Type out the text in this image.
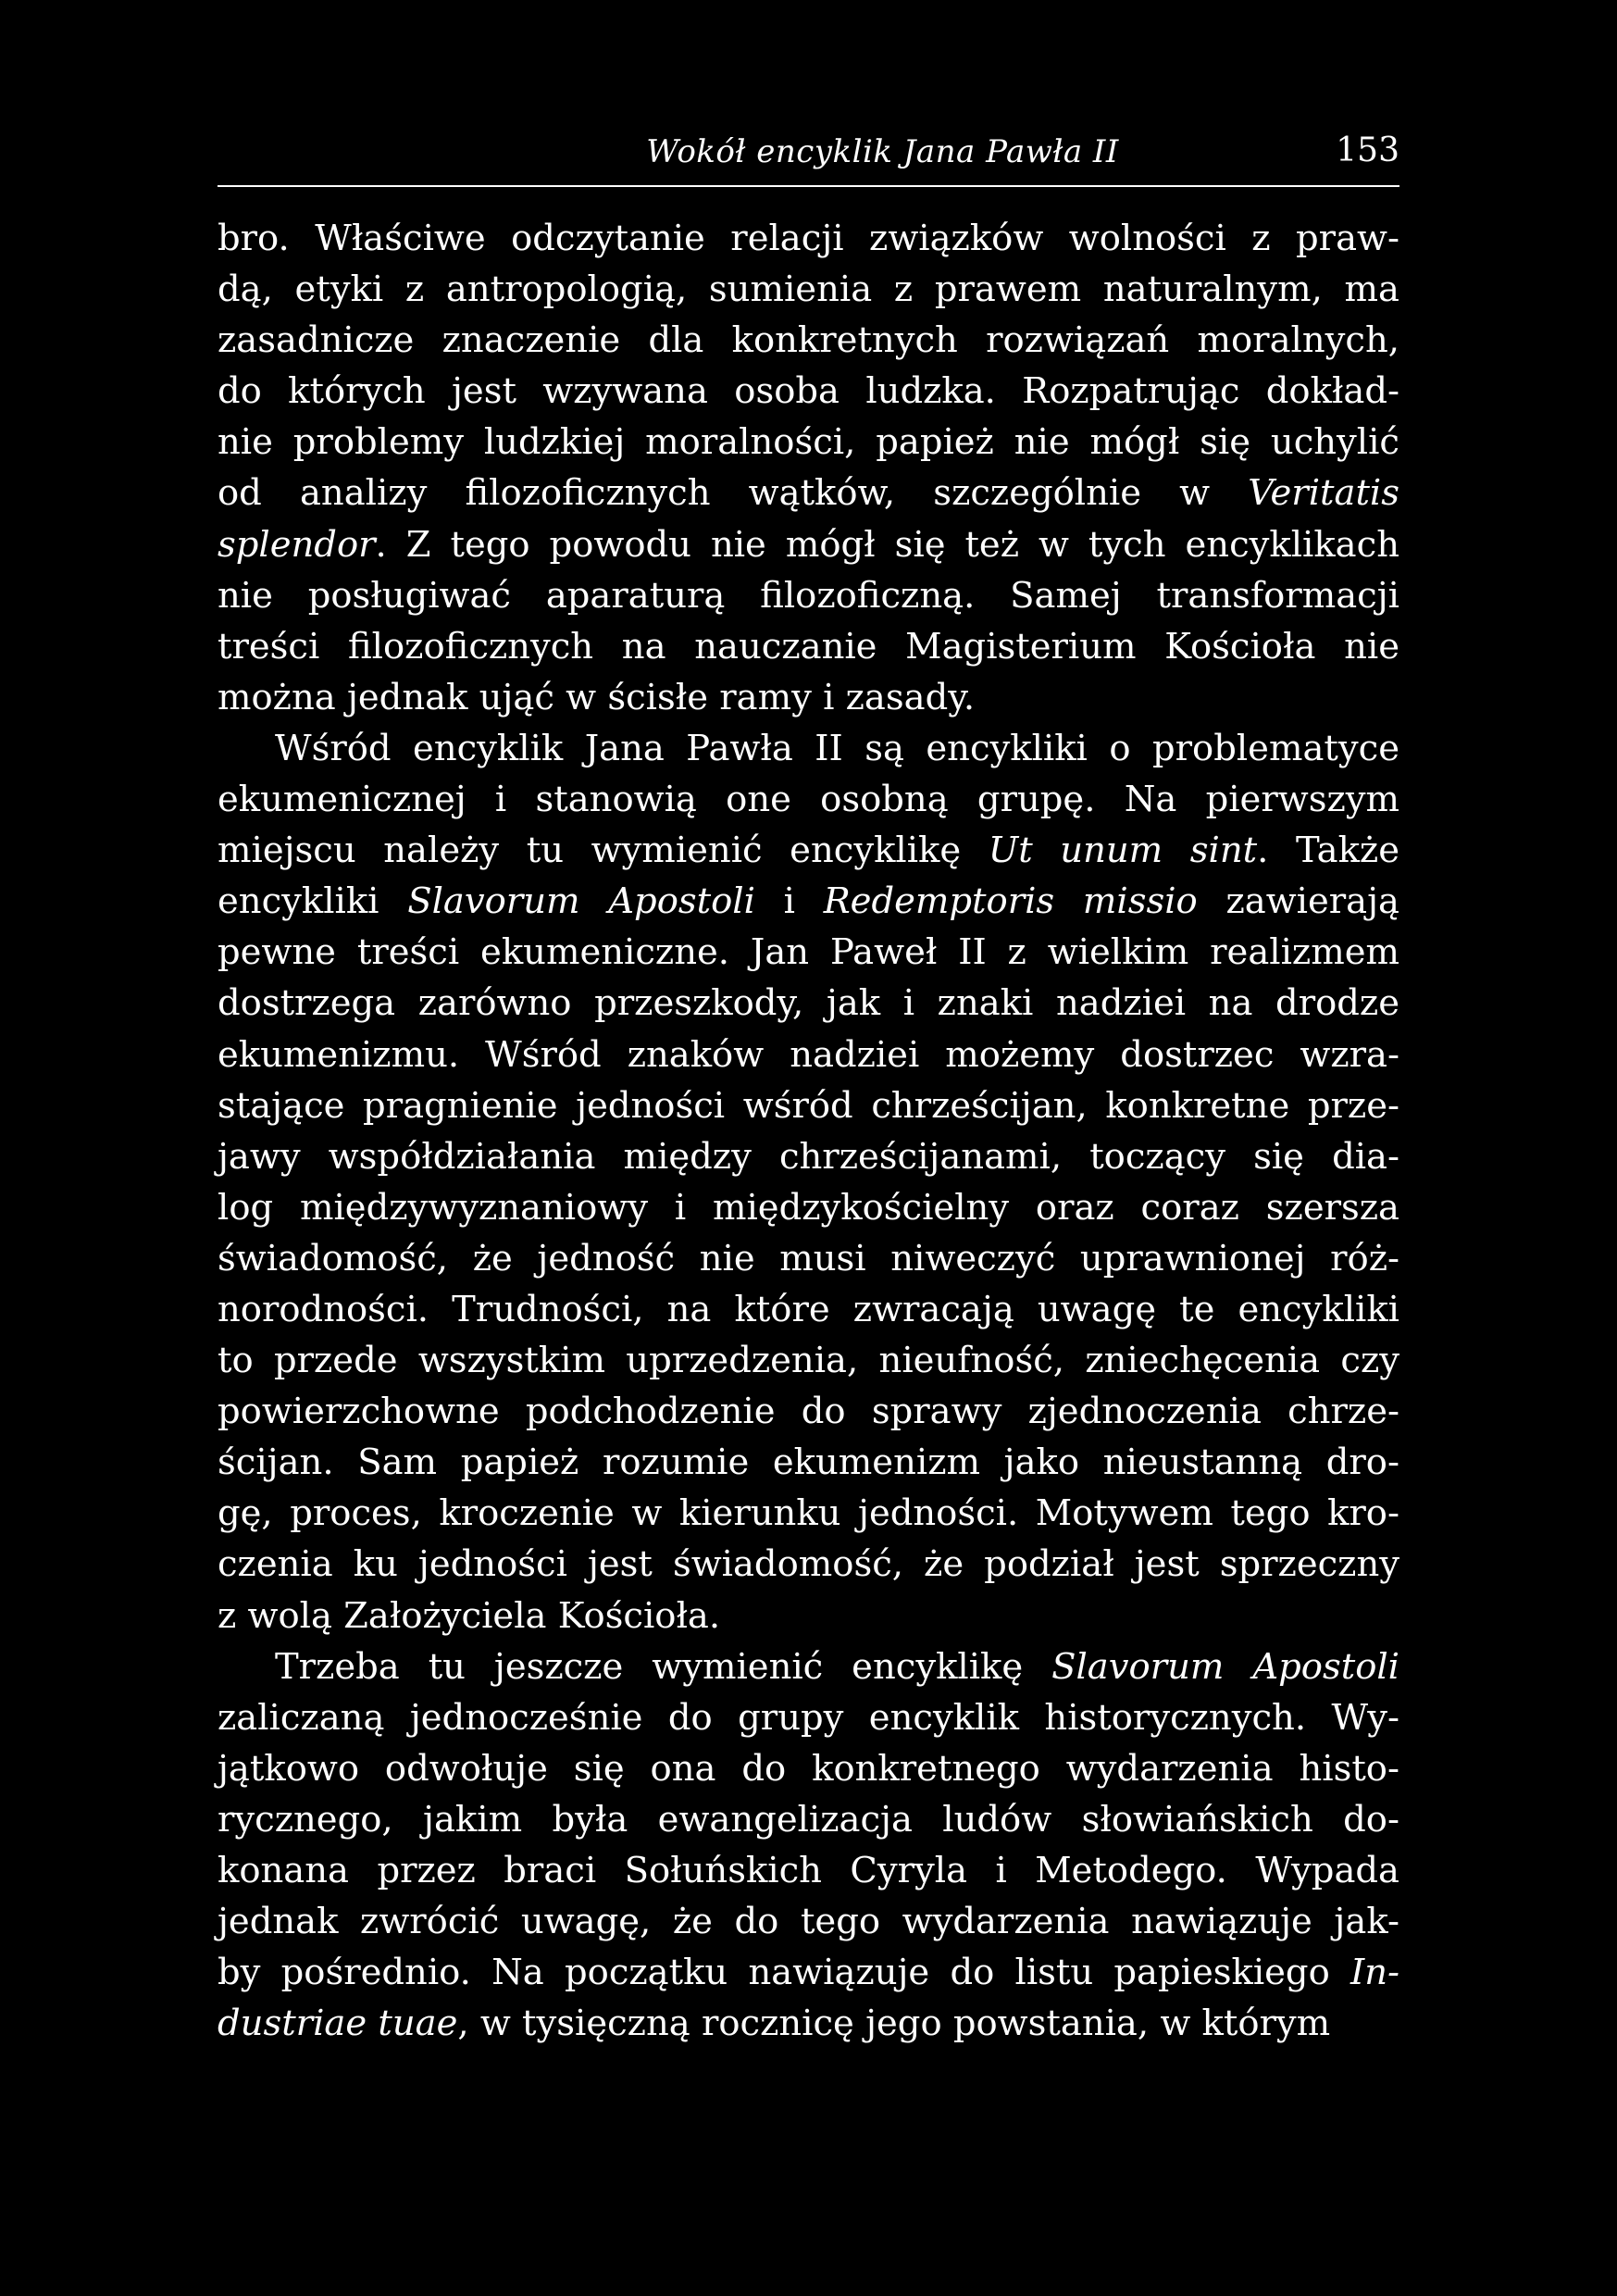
Wokół encyklik Jana Pawła II	153

bro. Właściwe odczytanie relacji związków wolności z praw-
dą, etyki z antropologią, sumienia z prawem naturalnym, ma
zasadnicze znaczenie dla konkretnych rozwiązań moralnych,
do których jest wzywana osoba ludzka. Rozpatrując dokład-
nie problemy ludzkiej moralności, papież nie mógł się uchylić
od analizy filozoficznych wątków, szczególnie w Veritatis
splendor. Z tego powodu nie mógł się też w tych encyklikach
nie posługiwać aparaturą filozoficzną. Samej transformacji
treści filozoficznych na nauczanie Magisterium Kościoła nie
można jednak ująć w ścisłe ramy i zasady.

Wśród encyklik Jana Pawła II są encykliki o problematyce
ekumenicznej i stanowią one osobną grupę. Na pierwszym
miejscu należy tu wymienić encyklikę Ut unum sint. Także
encykliki Slavorum Apostoli i Redemptoris missio zawierają
pewne treści ekumeniczne. Jan Paweł II z wielkim realizmem
dostrzega zarówno przeszkody, jak i znaki nadziei na drodze
ekumenizmu. Wśród znaków nadziei możemy dostrzec wzra-
stające pragnienie jedności wśród chrześcijan, konkretne prze-
jawy współdziałania między chrześcijanami, toczący się dia-
log międzywyznaniowy i międzykościelny oraz coraz szersza
świadomość, że jedność nie musi niweczyć uprawnionej róż-
norodności. Trudności, na które zwracają uwagę te encykliki
to przede wszystkim uprzedzenia, nieufność, zniechęcenia czy
powierzchowne podchodzenie do sprawy zjednoczenia chrze-
ścijan. Sam papież rozumie ekumenizm jako nieustanną dro-
gę, proces, kroczenie w kierunku jedności. Motywem tego kro-
czenia ku jedności jest świadomość, że podział jest sprzeczny
z wolą Założyciela Kościoła.

Trzeba tu jeszcze wymienić encyklikę Slavorum Apostoli
zaliczaną jednocześnie do grupy encyklik historycznych. Wy-
jątkowo odwołuje się ona do konkretnego wydarzenia histo-
rycznego, jakim była ewangelizacja ludów słowiańskich do-
konana przez braci Sołuńskich Cyryla i Metodego. Wypada
jednak zwrócić uwagę, że do tego wydarzenia nawiązuje jak-
by pośrednio. Na początku nawiązuje do listu papieskiego In-
dustriae tuae, w tysięczną rocznicę jego powstania, w którym
